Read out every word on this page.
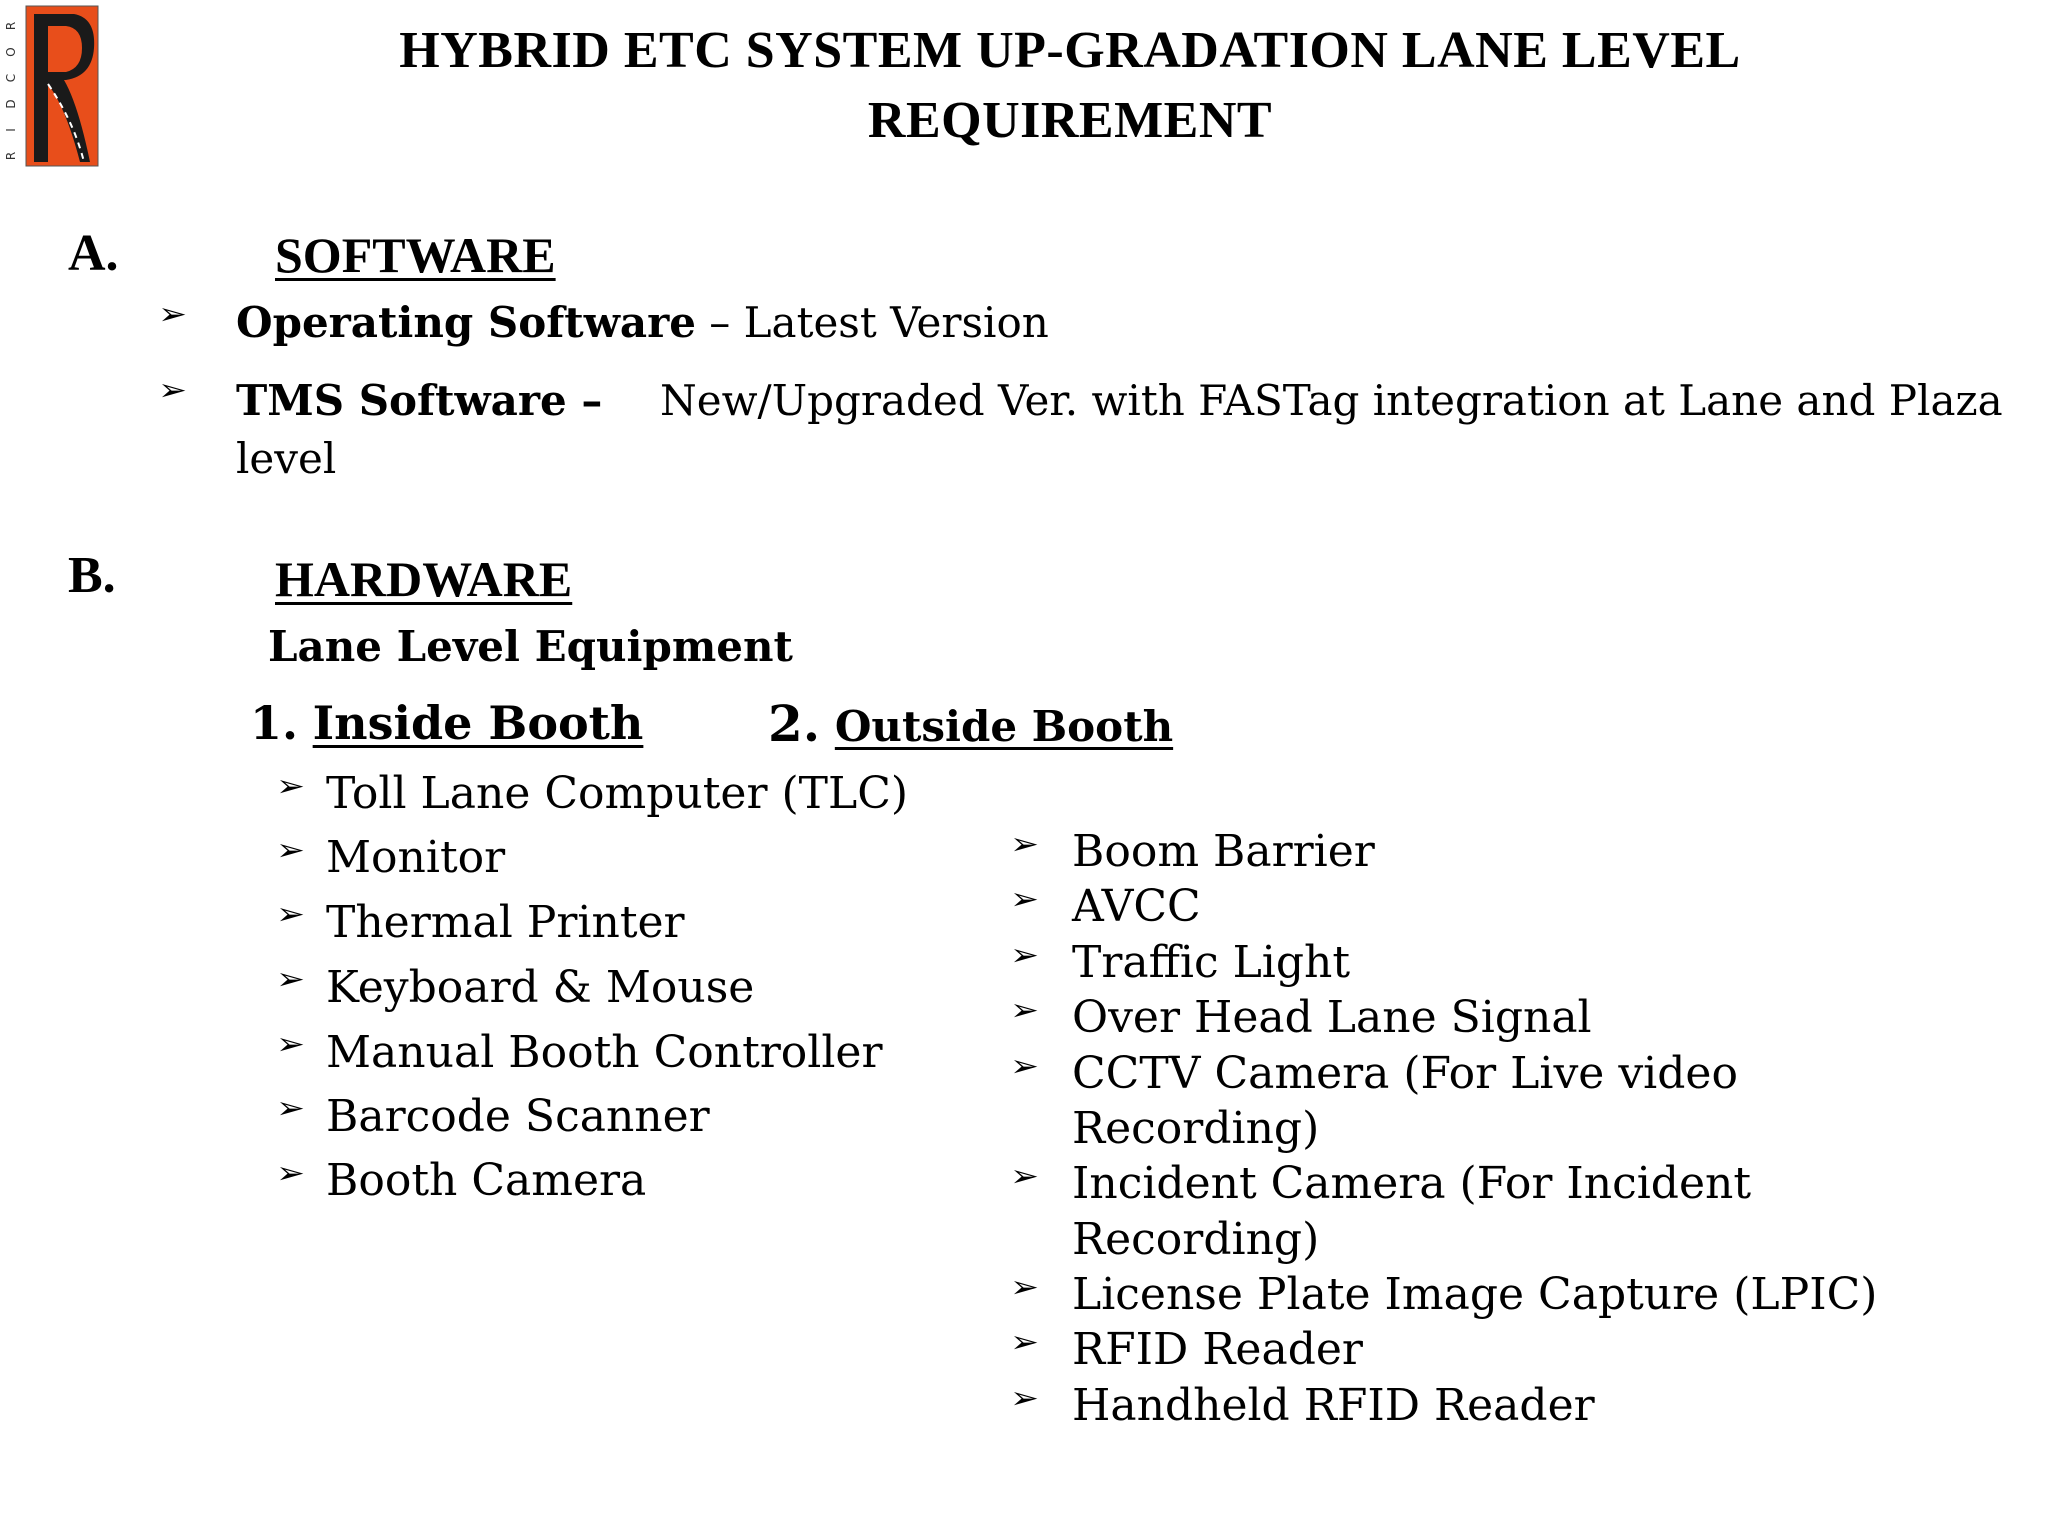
R
O
C
D
I
R
HYBRID ETC SYSTEM UP-GRADATION LANE LEVEL
REQUIREMENT
A.	SOFTWARE
➢ Operating Software – Latest Version
➢ TMS Software – New/Upgraded Ver. with FASTag integration at Lane and Plaza
level
B.	HARDWARE
Lane Level Equipment
1. Inside Booth 2. Outside Booth
➢ Toll Lane Computer (TLC)
➢ Monitor
➢ Thermal Printer
➢ Keyboard & Mouse
➢ Manual Booth Controller
➢ Barcode Scanner
➢ Booth Camera
➢ Boom Barrier
➢ AVCC
➢ Traffic Light
➢ Over Head Lane Signal
➢ CCTV Camera (For Live video
Recording)
➢ Incident Camera (For Incident
Recording)
➢ License Plate Image Capture (LPIC)
➢ RFID Reader
➢ Handheld RFID Reader
